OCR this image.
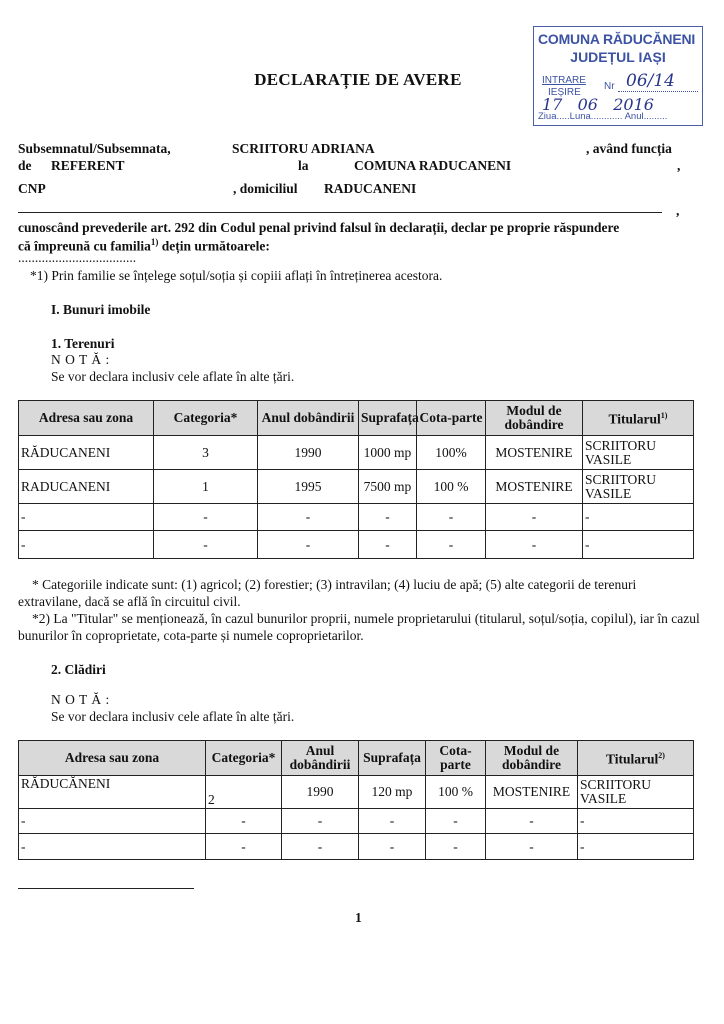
COMUNA RĂDUCĂNENI
JUDEȚUL IAȘI
INTRARE
IEȘIRE
Nr 06/14
17   06   2016
Ziua.....Luna............ Anul.........
DECLARAȚIE DE AVERE
Subsemnatul/Subsemnata,	SCRIITORU ADRIANA	, având funcția
de REFERENT	la	COMUNA RADUCANENI	,
CNP	, domiciliul RADUCANENI
,
cunoscând prevederile art. 292 din Codul penal privind falsul în declarații, declar pe proprie răspundere
că împreună cu familia$^{1)}$ dețin următoarele:
...................................
*1) Prin familie se înțelege soțul/soția și copiii aflați în întreținerea acestora.
I. Bunuri imobile
1. Terenuri
N O T Ă :
Se vor declara inclusiv cele aflate în alte țări.
Adresa sau zona	Categoria*	Anul dobândirii	Suprafața	Cota-parte	Modul de dobândire	Titularul$^{1)}$
RĂDUCANENI	3	1990	1000 mp	100%	MOSTENIRE	SCRIITORU VASILE
RADUCANENI	1	1995	7500 mp	100 %	MOSTENIRE	SCRIITORU VASILE
-	-	-	-	-	-	-
-	-	-	-	-	-	-
* Categoriile indicate sunt: (1) agricol; (2) forestier; (3) intravilan; (4) luciu de apă; (5) alte categorii de terenuri extravilane, dacă se află în circuitul civil.
*2) La "Titular" se menționează, în cazul bunurilor proprii, numele proprietarului (titularul, soțul/soția, copilul), iar în cazul bunurilor în coproprietate, cota-parte și numele coproprietarilor.
2. Clădiri
N O T Ă :
Se vor declara inclusiv cele aflate în alte țări.
Adresa sau zona	Categoria*	Anul dobândirii	Suprafața	Cota-parte	Modul de dobândire	Titularul$^{2)}$
RĂDUCĂNENI	2	1990	120 mp	100 %	MOSTENIRE	SCRIITORU VASILE
-	-	-	-	-	-	-
-	-	-	-	-	-	-
1
